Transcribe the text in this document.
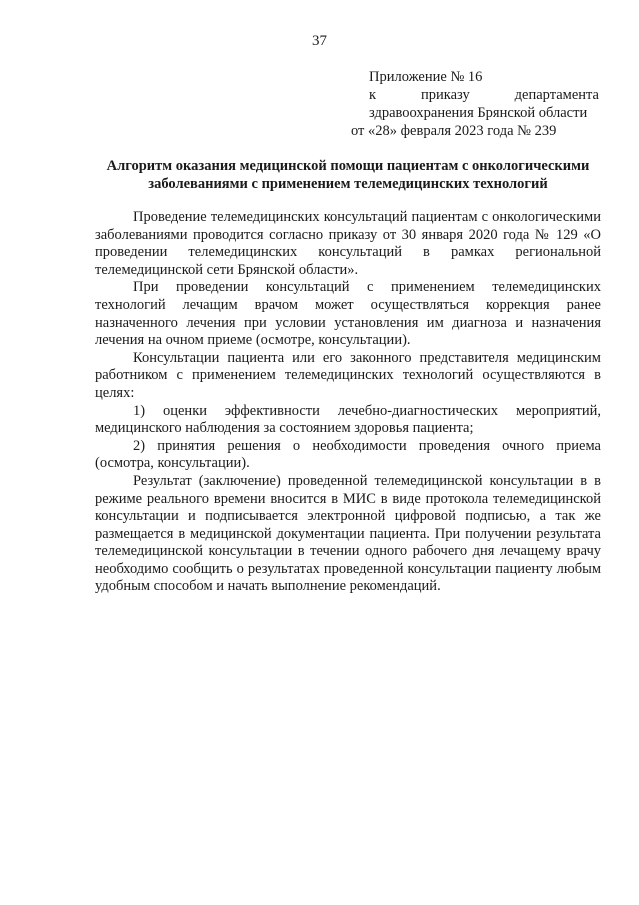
37
Приложение № 16
к	приказу	департамента
здравоохранения Брянской области
от «28» февраля 2023 года № 239
Алгоритм оказания медицинской помощи пациентам с онкологическими заболеваниями с применением телемедицинских технологий

Проведение телемедицинских консультаций пациентам с онкологическими заболеваниями проводится согласно приказу от 30 января 2020 года № 129 «О проведении телемедицинских консультаций в рамках региональной телемедицинской сети Брянской области».

При проведении консультаций с применением телемедицинских технологий лечащим врачом может осуществляться коррекция ранее назначенного лечения при условии установления им диагноза и назначения лечения на очном приеме (осмотре, консультации).

Консультации пациента или его законного представителя медицинским работником с применением телемедицинских технологий осуществляются в целях:

1) оценки эффективности лечебно-диагностических мероприятий, медицинского наблюдения за состоянием здоровья пациента;

2) принятия решения о необходимости проведения очного приема (осмотра, консультации).

Результат (заключение) проведенной телемедицинской консультации в в режиме реального времени вносится в МИС в виде протокола телемедицинской консультации и подписывается электронной цифровой подписью, а так же размещается в медицинской документации пациента. При получении результата телемедицинской консультации в течении одного рабочего дня лечащему врачу необходимо сообщить о результатах проведенной консультации пациенту любым удобным способом и начать выполнение рекомендаций.
